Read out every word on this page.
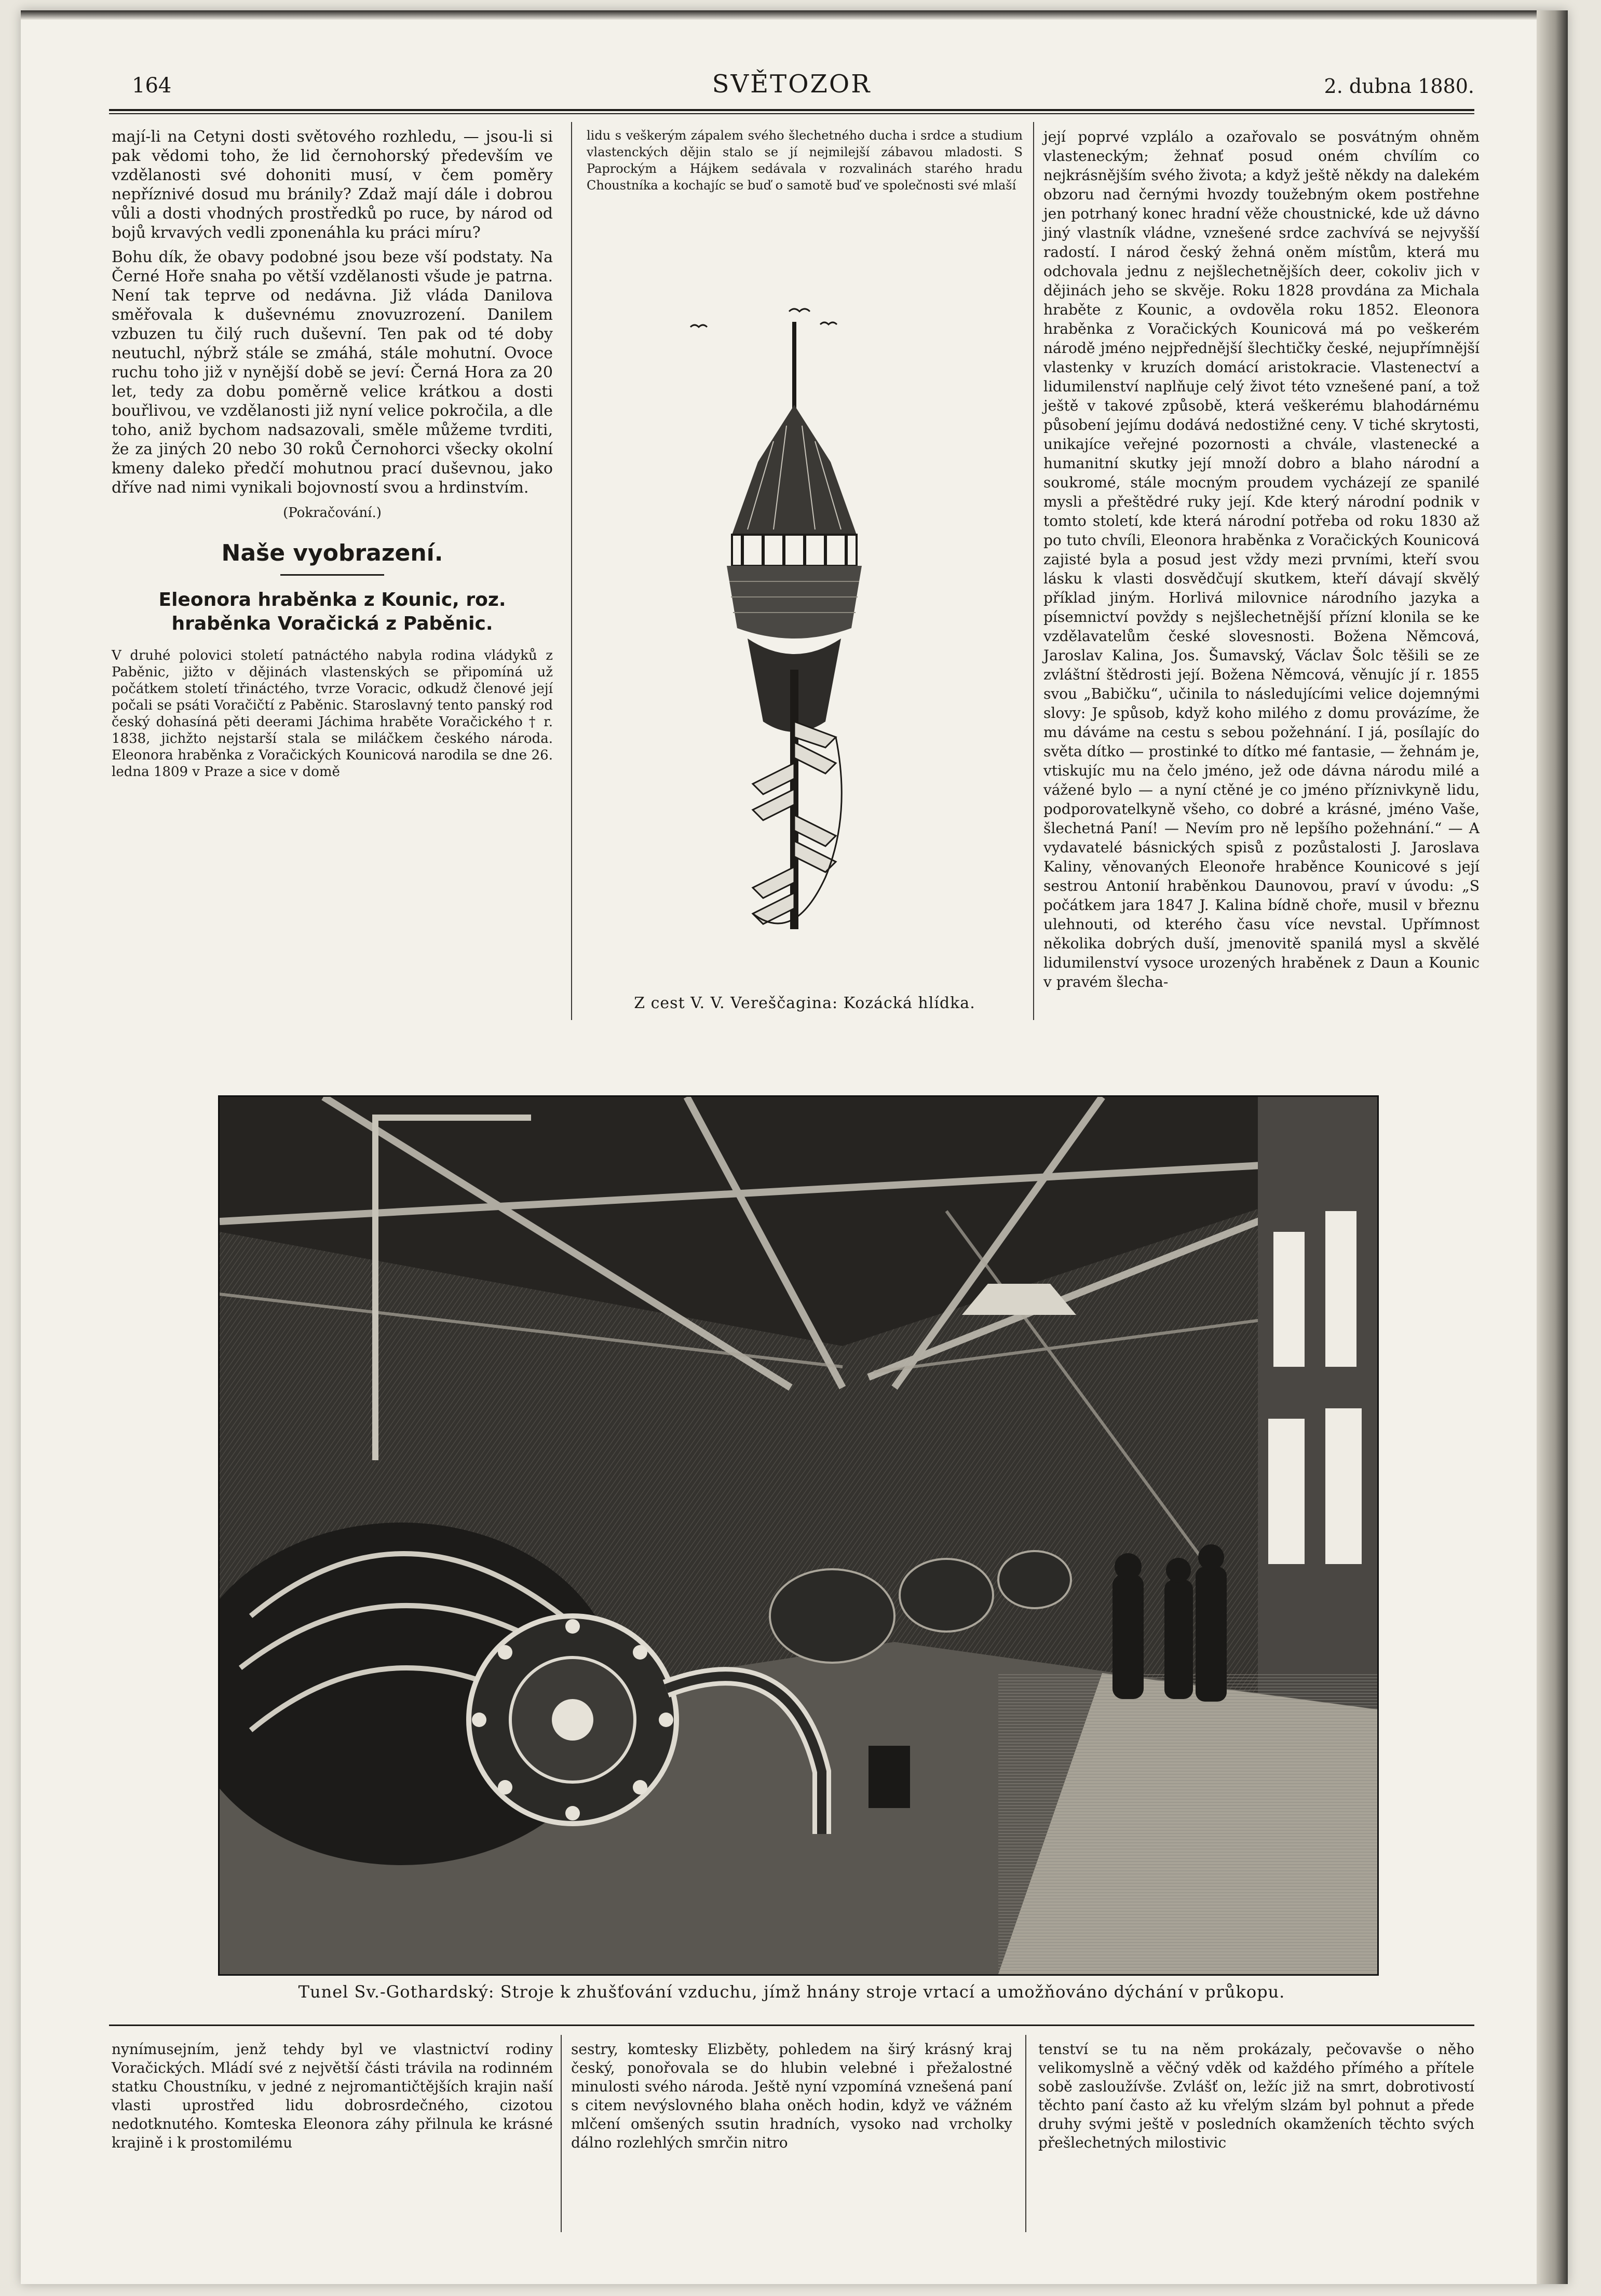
164	SVĚTOZOR	2. dubna 1880.

mají-li na Cetyni dosti světového rozhledu, — jsou-li si pak vědomi toho, že lid černohorský především ve vzdělanosti své dohoniti musí, v čem poměry nepříznivé dosud mu bránily? Zdaž mají dále i dobrou vůli a dosti vhodných prostředků po ruce, by národ od bojů krvavých vedli zponenáhla ku práci míru?

Bohu dík, že obavy podobné jsou beze vší podstaty. Na Černé Hoře snaha po větší vzdělanosti všude je patrna. Není tak teprve od nedávna. Již vláda Danilova směřovala k duševnému znovuzrození. Danilem vzbuzen tu čilý ruch duševní. Ten pak od té doby neutuchl, nýbrž stále se zmáhá, stále mohutní. Ovoce ruchu toho již v nynější době se jeví: Černá Hora za 20 let, tedy za dobu poměrně velice krátkou a dosti bouřlivou, ve vzdělanosti již nyní velice pokročila, a dle toho, aniž bychom nadsazovali, směle můžeme tvrditi, že za jiných 20 nebo 30 roků Černohorci všecky okolní kmeny daleko předčí mohutnou prací duševnou, jako dříve nad nimi vynikali bojovností svou a hrdinstvím.

(Pokračování.)
Naše vyobrazení.
Eleonora hraběnka z Kounic, roz. hraběnka Voračická z Paběnic.

V druhé polovici století patnáctého nabyla rodina vládyků z Paběnic, jižto v dějinách vlastenských se připomíná už počátkem století třináctého, tvrze Voracic, odkudž členové její počali se psáti Voračičtí z Paběnic. Staroslavný tento panský rod český dohasíná pěti deerami Jáchima hraběte Voračického † r. 1838, jichžto nejstarší stala se miláčkem českého národa. Eleonora hraběnka z Voračických Kounicová narodila se dne 26. ledna 1809 v Praze a sice v domě

lidu s veškerým zápalem svého šlechetného ducha i srdce a studium vlastenckých dějin stalo se jí nejmilejší zábavou mladosti. S Paprockým a Hájkem sedávala v rozvalinách starého hradu Choustníka a kochajíc se buď o samotě buď ve společnosti své mlaší

Z cest V. V. Vereščagina: Kozácká hlídka.

její poprvé vzplálo a ozařovalo se posvátným ohněm vlasteneckým; žehnať posud oném chvílím co nejkrásnějším svého života; a když ještě někdy na dalekém obzoru nad černými hvozdy toužebným okem postřehne jen potrhaný konec hradní věže choustnické, kde už dávno jiný vlastník vládne, vznešené srdce zachvívá se nejvyšší radostí. I národ český žehná oněm místům, která mu odchovala jednu z nejšlechetnějších deer, cokoliv jich v dějinách jeho se skvěje. Roku 1828 provdána za Michala hraběte z Kounic, a ovdověla roku 1852. Eleonora hraběnka z Voračických Kounicová má po veškerém národě jméno nejpřednější šlechtičky české, nejupřímnější vlastenky v kruzích domácí aristokracie. Vlastenectví a lidumilenství naplňuje celý život této vznešené paní, a tož ještě v takové způsobě, která veškerému blahodárnému působení jejímu dodává nedostižné ceny. V tiché skrytosti, unikajíce veřejné pozornosti a chvále, vlastenecké a humanitní skutky její množí dobro a blaho národní a soukromé, stále mocným proudem vycházejí ze spanilé mysli a přeštědré ruky její. Kde který národní podnik v tomto století, kde která národní potřeba od roku 1830 až po tuto chvíli, Eleonora hraběnka z Voračických Kounicová zajisté byla a posud jest vždy mezi prvními, kteří svou lásku k vlasti dosvědčují skutkem, kteří dávají skvělý příklad jiným. Horlivá milovnice národního jazyka a písemnictví povždy s nejšlechetnější přízní klonila se ke vzdělavatelům české slovesnosti. Božena Němcová, Jaroslav Kalina, Jos. Šumavský, Václav Šolc těšili se ze zvláštní štědrosti její. Božena Němcová, věnujíc jí r. 1855 svou „Babičku“, učinila to následujícími velice dojemnými slovy: Je spůsob, když koho milého z domu provázíme, že mu dáváme na cestu s sebou požehnání. I já, posílajíc do světa dítko — prostinké to dítko mé fantasie, — žehnám je, vtiskujíc mu na čelo jméno, jež ode dávna národu milé a vážené bylo — a nyní ctěné je co jméno příznivkyně lidu, podporovatelkyně všeho, co dobré a krásné, jméno Vaše, šlechetná Paní! — Nevím pro ně lepšího požehnání.“ — A vydavatelé básnických spisů z pozůstalosti J. Jaroslava Kaliny, věnovaných Eleonoře hraběnce Kounicové s její sestrou Antonií hraběnkou Daunovou, praví v úvodu: „S počátkem jara 1847 J. Kalina bídně choře, musil v březnu ulehnouti, od kteréhо času více nevstal. Upřímnost několika dobrých duší, jmenovitě spanilá mysl a skvělé lidumilenství vysoce urozených hraběnek z Daun a Kounic v pravém šlecha-

Tunel Sv.-Gothardský: Stroje k zhušťování vzduchu, jímž hnány stroje vrtací a umožňováno dýchání v průkopu.
nynímusejním, jenž tehdy byl ve vlastnictví rodiny Voračických. Mládí své z největší části trávila na rodinném statku Choustníku, v jedné z nejromantičtějších krajin naší vlasti uprostřed lidu dobrosrdečného, cizotou nedotknutého. Komteska Eleonora záhy přilnula ke krásné krajině i k prostomilému
sestry, komtesky Elizběty, pohledem na širý krásný kraj český, ponořovala se do hlubin velebné i přežalostné minulosti svého národa. Ještě nyní vzpomíná vznešená paní s citem nevýslovného blaha oněch hodin, když ve vážném mlčení omšených ssutin hradních, vysoko nad vrcholky dálno rozlehlých smrčin nitro
tenství se tu na něm prokázaly, pečovavše o něho velikomyslně a věčný vděk od každého přímého a přítele sobě zasloužívše. Zvlášť on, ležíc již na smrt, dobrotivostí těchto paní často až ku vřelým slzám byl pohnut a přede druhy svými ještě v posledních okamženích těchto svých přešlechetných milostivic
